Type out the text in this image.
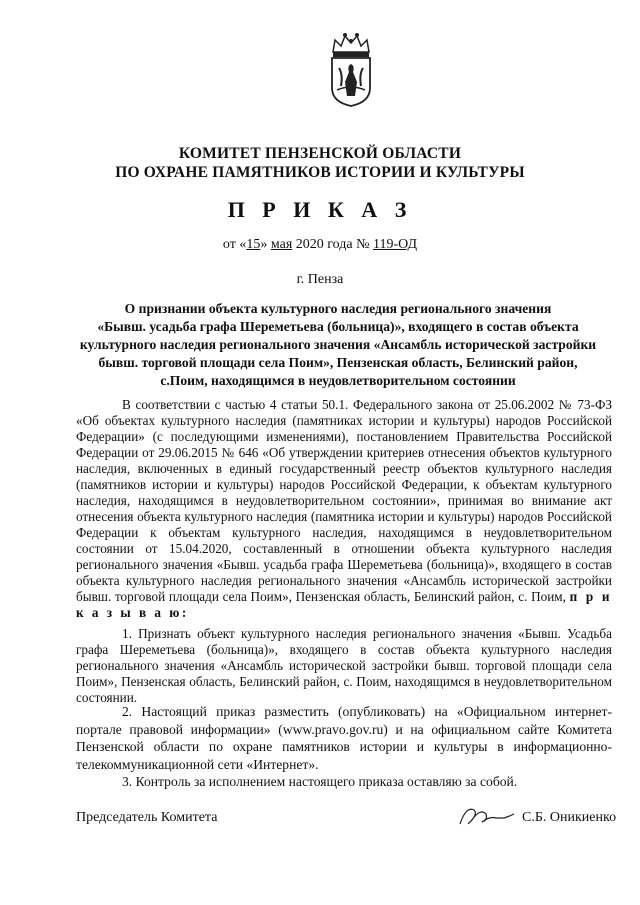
КОМИТЕТ ПЕНЗЕНСКОЙ ОБЛАСТИ
ПО ОХРАНЕ ПАМЯТНИКОВ ИСТОРИИ И КУЛЬТУРЫ
П Р И К А З
от «15» мая 2020 года № 119-ОД
г. Пенза
О признании объекта культурного наследия регионального значения
«Бывш. усадьба графа Шереметьева (больница)», входящего в состав объекта
культурного наследия регионального значения «Ансамбль исторической застройки
бывш. торговой площади села Поим», Пензенская область, Белинский район,
с.Поим, находящимся в неудовлетворительном состоянии

В соответствии с частью 4 статьи 50.1. Федерального закона от 25.06.2002 № 73-ФЗ «Об объектах культурного наследия (памятниках истории и культуры) народов Российской Федерации» (с последующими изменениями), постановлением Правительства Российской Федерации от 29.06.2015 № 646 «Об утверждении критериев отнесения объектов культурного наследия, включенных в единый государственный реестр объектов культурного наследия (памятников истории и культуры) народов Российской Федерации, к объектам культурного наследия, находящимся в неудовлетворительном состоянии», принимая во внимание акт отнесения объекта культурного наследия (памятника истории и культуры) народов Российской Федерации к объектам культурного наследия, находящимся в неудовлетворительном состоянии от 15.04.2020, составленный в отношении объекта культурного наследия регионального значения «Бывш. усадьба графа Шереметьева (больница)», входящего в состав объекта культурного наследия регионального значения «Ансамбль исторической застройки бывш. торговой площади села Поим», Пензенская область, Белинский район, с. Поим, п р и к а з ы в а ю:

1. Признать объект культурного наследия регионального значения «Бывш. Усадьба графа Шереметьева (больница)», входящего в состав объекта культурного наследия регионального значения «Ансамбль исторической застройки бывш. торговой площади села Поим», Пензенская область, Белинский район, с. Поим, находящимся в неудовлетворительном состоянии.

2. Настоящий приказ разместить (опубликовать) на «Официальном интернет-портале правовой информации» (www.pravo.gov.ru) и на официальном сайте Комитета Пензенской области по охране памятников истории и культуры в информационно-телекоммуникационной сети «Интернет».

3. Контроль за исполнением настоящего приказа оставляю за собой.

Председатель Комитета	С.Б. Оникиенко
